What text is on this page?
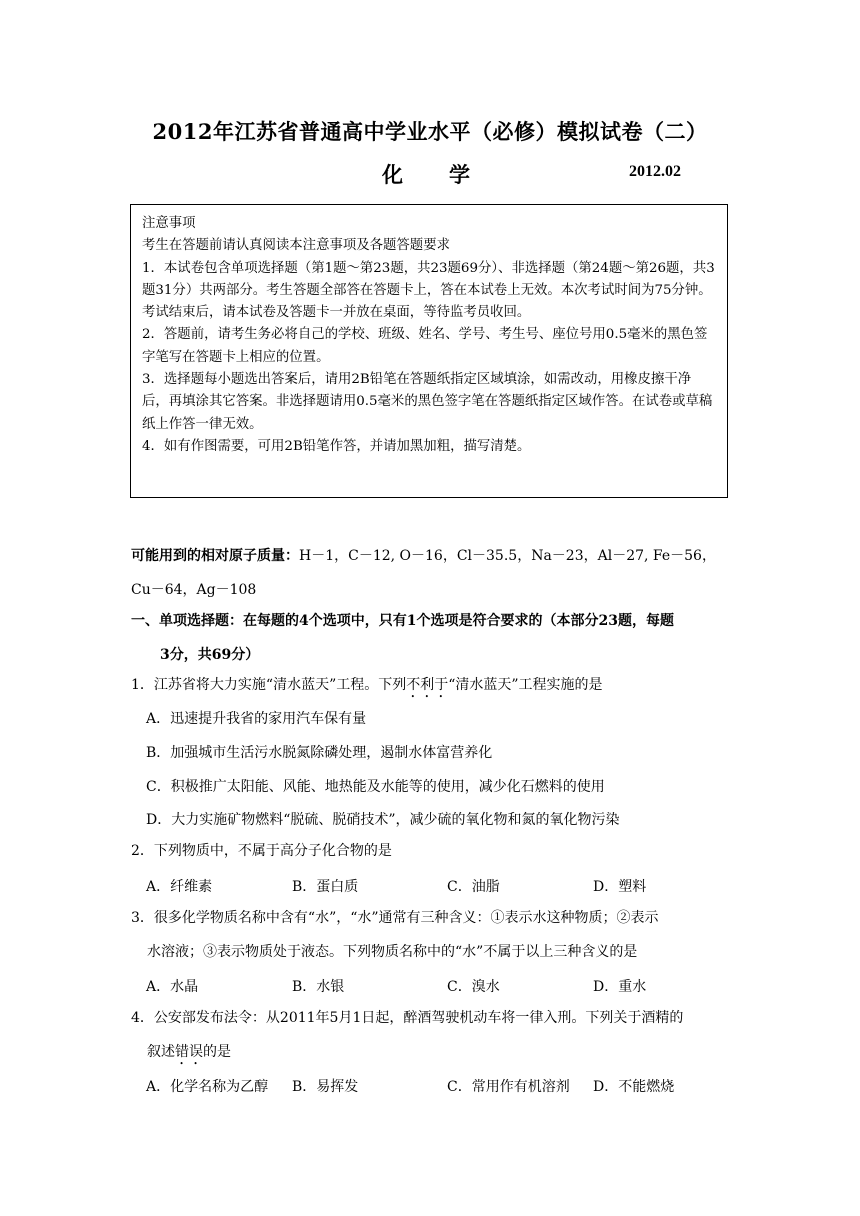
2012年江苏省普通高中学业水平（必修）模拟试卷（二）
化学	2012.02

注意事项

考生在答题前请认真阅读本注意事项及各题答题要求

1．本试卷包含单项选择题（第1题～第23题，共23题69分）、非选择题（第24题～第26题，共3题31分）共两部分。考生答题全部答在答题卡上，答在本试卷上无效。本次考试时间为75分钟。考试结束后，请本试卷及答题卡一并放在桌面，等待监考员收回。

2．答题前，请考生务必将自己的学校、班级、姓名、学号、考生号、座位号用0.5毫米的黑色签字笔写在答题卡上相应的位置。

3．选择题每小题选出答案后，请用2B铅笔在答题纸指定区域填涂，如需改动，用橡皮擦干净后，再填涂其它答案。非选择题请用0.5毫米的黑色签字笔在答题纸指定区域作答。在试卷或草稿纸上作答一律无效。

4．如有作图需要，可用2B铅笔作答，并请加黑加粗，描写清楚。

可能用到的相对原子质量：H－1，C－12, O－16，Cl－35.5，Na－23，Al－27, Fe－56，Cu－64，Ag－108
一、单项选择题：在每题的4个选项中，只有1个选项是符合要求的（本部分23题，每题
3分，共69分）
1．江苏省将大力实施“清水蓝天”工程。下列不利于“清水蓝天”工程实施的是
A．迅速提升我省的家用汽车保有量
B．加强城市生活污水脱氮除磷处理，遏制水体富营养化
C．积极推广太阳能、风能、地热能及水能等的使用，减少化石燃料的使用
D．大力实施矿物燃料“脱硫、脱硝技术”，减少硫的氧化物和氮的氧化物污染
2．下列物质中，不属于高分子化合物的是
A．纤维素	B．蛋白质	C．油脂	D．塑料
3．很多化学物质名称中含有“水”，“水”通常有三种含义：①表示水这种物质；②表示
水溶液；③表示物质处于液态。下列物质名称中的“水”不属于以上三种含义的是
A．水晶	B．水银	C．溴水	D．重水
4．公安部发布法令：从2011年5月1日起，醉酒驾驶机动车将一律入刑。下列关于酒精的
叙述错误的是
A．化学名称为乙醇 B．易挥发	C．常用作有机溶剂 D．不能燃烧
